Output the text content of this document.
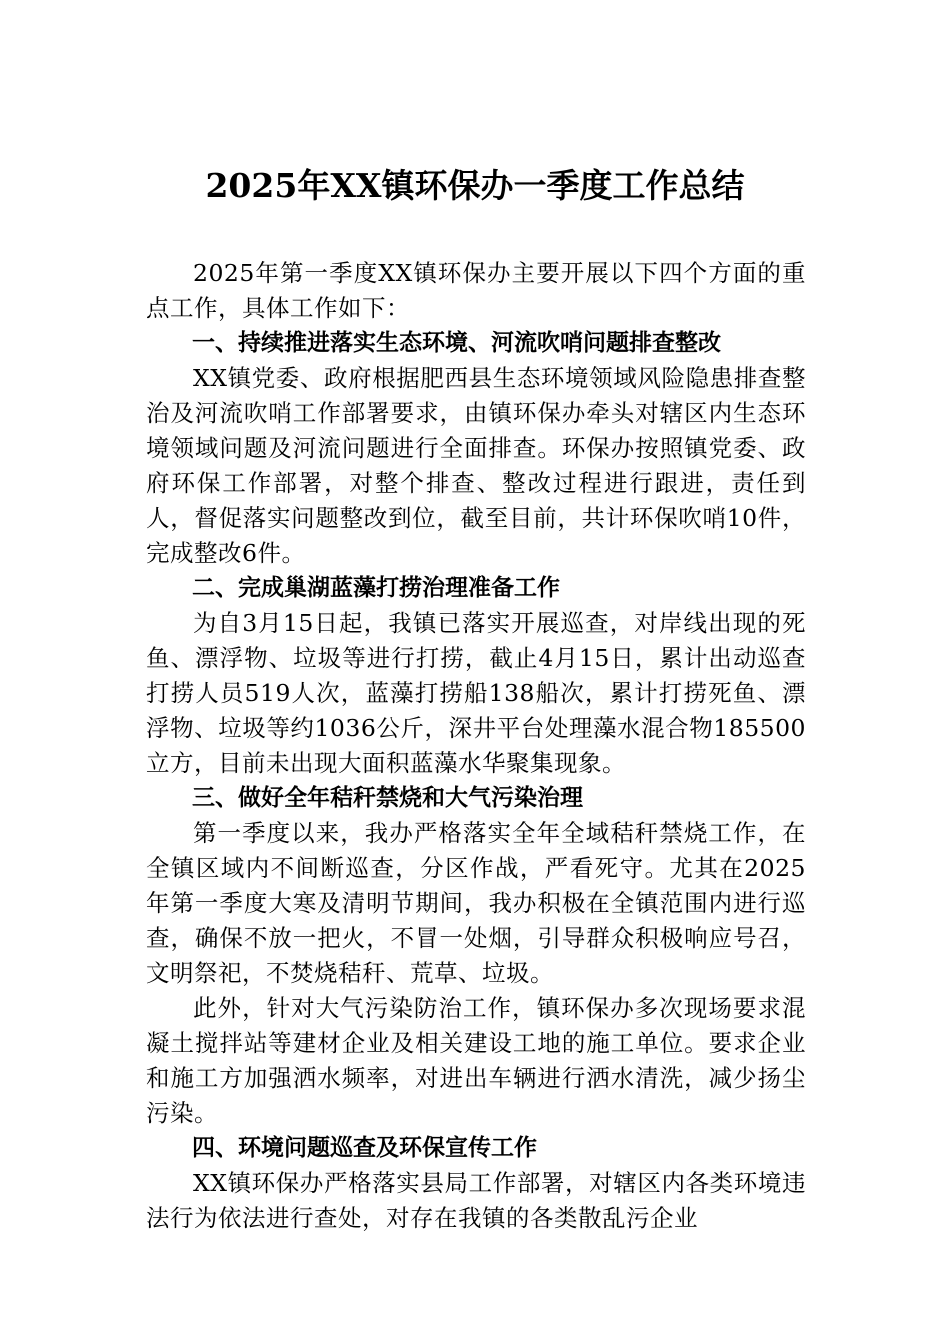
2025年XX镇环保办一季度工作总结

2025年第一季度XX镇环保办主要开展以下四个方面的重点工作，具体工作如下：

一、持续推进落实生态环境、河流吹哨问题排查整改

XX镇党委、政府根据肥西县生态环境领域风险隐患排查整治及河流吹哨工作部署要求，由镇环保办牵头对辖区内生态环境领域问题及河流问题进行全面排查。环保办按照镇党委、政府环保工作部署，对整个排查、整改过程进行跟进，责任到人，督促落实问题整改到位，截至目前，共计环保吹哨10件，完成整改6件。

二、完成巢湖蓝藻打捞治理准备工作

为自3月15日起，我镇已落实开展巡查，对岸线出现的死鱼、漂浮物、垃圾等进行打捞，截止4月15日，累计出动巡查打捞人员519人次，蓝藻打捞船138船次，累计打捞死鱼、漂浮物、垃圾等约1036公斤，深井平台处理藻水混合物185500立方，目前未出现大面积蓝藻水华聚集现象。

三、做好全年秸秆禁烧和大气污染治理

第一季度以来，我办严格落实全年全域秸秆禁烧工作，在全镇区域内不间断巡查，分区作战，严看死守。尤其在2025年第一季度大寒及清明节期间，我办积极在全镇范围内进行巡查，确保不放一把火，不冒一处烟，引导群众积极响应号召，文明祭祀，不焚烧秸秆、荒草、垃圾。

此外，针对大气污染防治工作，镇环保办多次现场要求混凝土搅拌站等建材企业及相关建设工地的施工单位。要求企业和施工方加强洒水频率，对进出车辆进行洒水清洗，减少扬尘污染。

四、环境问题巡查及环保宣传工作

XX镇环保办严格落实县局工作部署，对辖区内各类环境违法行为依法进行查处，对存在我镇的各类散乱污企业
